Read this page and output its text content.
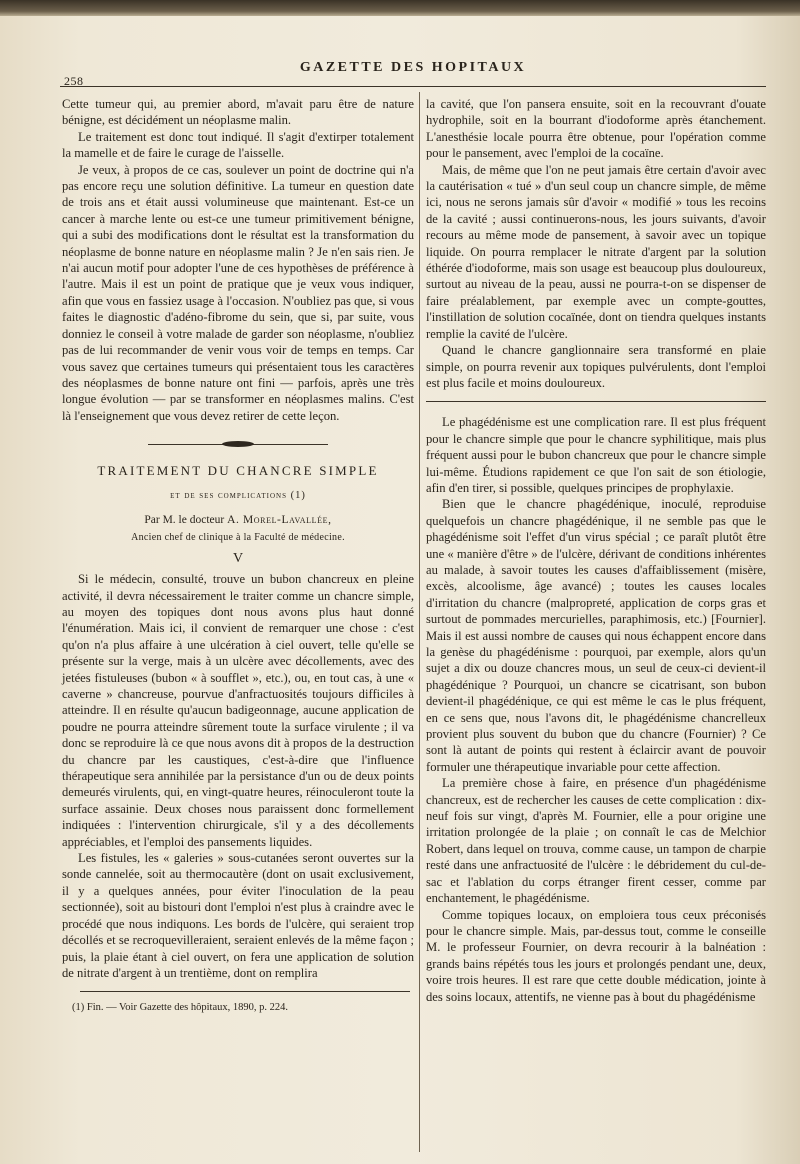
258
GAZETTE DES HOPITAUX

Cette tumeur qui, au premier abord, m'avait paru être de nature bénigne, est décidément un néoplasme malin.

Le traitement est donc tout indiqué. Il s'agit d'extirper totalement la mamelle et de faire le curage de l'aisselle.

Je veux, à propos de ce cas, soulever un point de doctrine qui n'a pas encore reçu une solution définitive. La tumeur en question date de trois ans et était aussi volumineuse que maintenant. Est-ce un cancer à marche lente ou est-ce une tumeur primitivement bénigne, qui a subi des modifications dont le résultat est la transformation du néoplasme de bonne nature en néoplasme malin ? Je n'en sais rien. Je n'ai aucun motif pour adopter l'une de ces hypothèses de préférence à l'autre. Mais il est un point de pratique que je veux vous indiquer, afin que vous en fassiez usage à l'occasion. N'oubliez pas que, si vous faites le diagnostic d'adéno-fibrome du sein, que si, par suite, vous donniez le conseil à votre malade de garder son néoplasme, n'oubliez pas de lui recommander de venir vous voir de temps en temps. Car vous savez que certaines tumeurs qui présentaient tous les caractères des néoplasmes de bonne nature ont fini — parfois, après une très longue évolution — par se transformer en néoplasmes malins. C'est là l'enseignement que vous devez retirer de cette leçon.

TRAITEMENT DU CHANCRE SIMPLE
et de ses complications (1)
Par M. le docteur A. Morel-Lavallée,
Ancien chef de clinique à la Faculté de médecine.
V

Si le médecin, consulté, trouve un bubon chancreux en pleine activité, il devra nécessairement le traiter comme un chancre simple, au moyen des topiques dont nous avons plus haut donné l'énumération. Mais ici, il convient de remarquer une chose : c'est qu'on n'a plus affaire à une ulcération à ciel ouvert, telle qu'elle se présente sur la verge, mais à un ulcère avec décollements, avec des jetées fistuleuses (bubon « à soufflet », etc.), ou, en tout cas, à une « caverne » chancreuse, pourvue d'anfractuosités toujours difficiles à atteindre. Il en résulte qu'aucun badigeonnage, aucune application de poudre ne pourra atteindre sûrement toute la surface virulente ; il va donc se reproduire là ce que nous avons dit à propos de la destruction du chancre par les caustiques, c'est-à-dire que l'influence thérapeutique sera annihilée par la persistance d'un ou de deux points demeurés virulents, qui, en vingt-quatre heures, réinoculeront toute la surface assainie. Deux choses nous paraissent donc formellement indiquées : l'intervention chirurgicale, s'il y a des décollements appréciables, et l'emploi des pansements liquides.

Les fistules, les « galeries » sous-cutanées seront ouvertes sur la sonde cannelée, soit au thermocautère (dont on usait exclusivement, il y a quelques années, pour éviter l'inoculation de la peau sectionnée), soit au bistouri dont l'emploi n'est plus à craindre avec le procédé que nous indiquons. Les bords de l'ulcère, qui seraient trop décollés et se recroquevilleraient, seraient enlevés de la même façon ; puis, la plaie étant à ciel ouvert, on fera une application de solution de nitrate d'argent à un trentième, dont on remplira

(1) Fin. — Voir Gazette des hôpitaux, 1890, p. 224.

la cavité, que l'on pansera ensuite, soit en la recouvrant d'ouate hydrophile, soit en la bourrant d'iodoforme après étanchement. L'anesthésie locale pourra être obtenue, pour l'opération comme pour le pansement, avec l'emploi de la cocaïne.

Mais, de même que l'on ne peut jamais être certain d'avoir avec la cautérisation « tué » d'un seul coup un chancre simple, de même ici, nous ne serons jamais sûr d'avoir « modifié » tous les recoins de la cavité ; aussi continuerons-nous, les jours suivants, d'avoir recours au même mode de pansement, à savoir avec un topique liquide. On pourra remplacer le nitrate d'argent par la solution éthérée d'iodoforme, mais son usage est beaucoup plus douloureux, surtout au niveau de la peau, aussi ne pourra-t-on se dispenser de faire préalablement, par exemple avec un compte-gouttes, l'instillation de solution cocaïnée, dont on tiendra quelques instants remplie la cavité de l'ulcère.

Quand le chancre ganglionnaire sera transformé en plaie simple, on pourra revenir aux topiques pulvérulents, dont l'emploi est plus facile et moins douloureux.

Le phagédénisme est une complication rare. Il est plus fréquent pour le chancre simple que pour le chancre syphilitique, mais plus fréquent aussi pour le bubon chancreux que pour le chancre simple lui-même. Étudions rapidement ce que l'on sait de son étiologie, afin d'en tirer, si possible, quelques principes de prophylaxie.

Bien que le chancre phagédénique, inoculé, reproduise quelquefois un chancre phagédénique, il ne semble pas que le phagédénisme soit l'effet d'un virus spécial ; ce paraît plutôt être une « manière d'être » de l'ulcère, dérivant de conditions inhérentes au malade, à savoir toutes les causes d'affaiblissement (misère, excès, alcoolisme, âge avancé) ; toutes les causes locales d'irritation du chancre (malpropreté, application de corps gras et surtout de pommades mercurielles, paraphimosis, etc.) [Fournier]. Mais il est aussi nombre de causes qui nous échappent encore dans la genèse du phagédénisme : pourquoi, par exemple, alors qu'un sujet a dix ou douze chancres mous, un seul de ceux-ci devient-il phagédénique ? Pourquoi, un chancre se cicatrisant, son bubon devient-il phagédénique, ce qui est même le cas le plus fréquent, en ce sens que, nous l'avons dit, le phagédénisme chancrelleux provient plus souvent du bubon que du chancre (Fournier) ? Ce sont là autant de points qui restent à éclaircir avant de pouvoir formuler une thérapeutique invariable pour cette affection.

La première chose à faire, en présence d'un phagédénisme chancreux, est de rechercher les causes de cette complication : dix-neuf fois sur vingt, d'après M. Fournier, elle a pour origine une irritation prolongée de la plaie ; on connaît le cas de Melchior Robert, dans lequel on trouva, comme cause, un tampon de charpie resté dans une anfractuosité de l'ulcère : le débridement du cul-de-sac et l'ablation du corps étranger firent cesser, comme par enchantement, le phagédénisme.

Comme topiques locaux, on emploiera tous ceux préconisés pour le chancre simple. Mais, par-dessus tout, comme le conseille M. le professeur Fournier, on devra recourir à la balnéation : grands bains répétés tous les jours et prolongés pendant une, deux, voire trois heures. Il est rare que cette double médication, jointe à des soins locaux, attentifs, ne vienne pas à bout du phagédénisme
